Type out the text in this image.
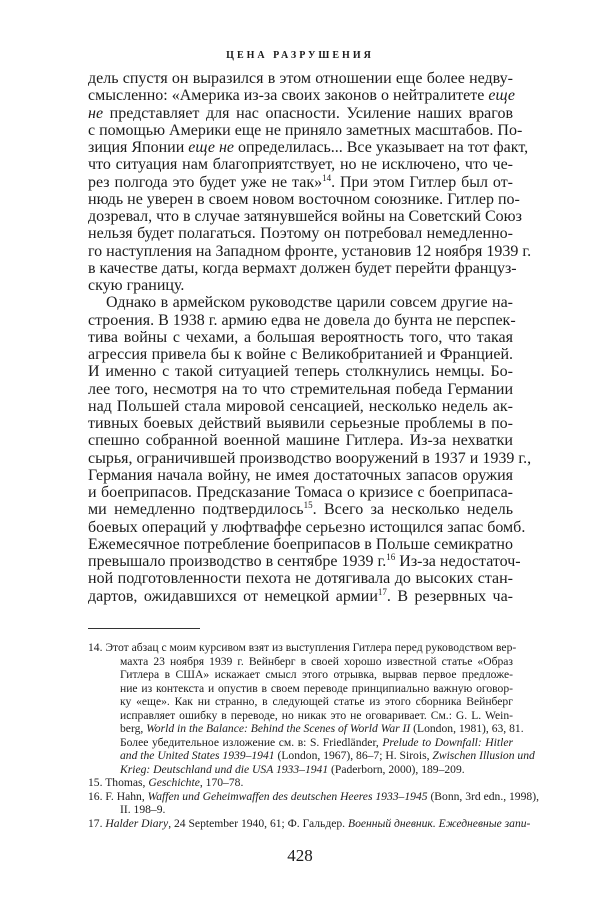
ЦЕНА РАЗРУШЕНИЯ
дель спустя он выразился в этом отношении еще более недву-
смысленно: «Америка из-за своих законов о нейтралитете еще
не представляет для нас опасности. Усиление наших врагов
с помощью Америки еще не приняло заметных масштабов. По-
зиция Японии еще не определилась... Все указывает на тот факт,
что ситуация нам благоприятствует, но не исключено, что че-
рез полгода это будет уже не так»$^{14}$. При этом Гитлер был от-
нюдь не уверен в своем новом восточном союзнике. Гитлер по-
дозревал, что в случае затянувшейся войны на Советский Союз
нельзя будет полагаться. Поэтому он потребовал немедленно-
го наступления на Западном фронте, установив 12 ноября 1939 г.
в качестве даты, когда вермахт должен будет перейти француз-
скую границу.
Однако в армейском руководстве царили совсем другие на-
строения. В 1938 г. армию едва не довела до бунта не перспек-
тива войны с чехами, а большая вероятность того, что такая
агрессия привела бы к войне с Великобританией и Францией.
И именно с такой ситуацией теперь столкнулись немцы. Бо-
лее того, несмотря на то что стремительная победа Германии
над Польшей стала мировой сенсацией, несколько недель ак-
тивных боевых действий выявили серьезные проблемы в по-
спешно собранной военной машине Гитлера. Из-за нехватки
сырья, ограничившей производство вооружений в 1937 и 1939 г.,
Германия начала войну, не имея достаточных запасов оружия
и боеприпасов. Предсказание Томаса о кризисе с боеприпаса-
ми немедленно подтвердилось$^{15}$. Всего за несколько недель
боевых операций у люфтваффе серьезно истощился запас бомб.
Ежемесячное потребление боеприпасов в Польше семикратно
превышало производство в сентябре 1939 г.$^{16}$ Из-за недостаточ-
ной подготовленности пехота не дотягивала до высоких стан-
дартов, ожидавшихся от немецкой армии$^{17}$. В резервных ча-
14. Этот абзац с моим курсивом взят из выступления Гитлера перед руководством вер-
махта 23 ноября 1939 г. Вейнберг в своей хорошо известной статье «Образ
Гитлера в США» искажает смысл этого отрывка, вырвав первое предложе-
ние из контекста и опустив в своем переводе принципиально важную оговор-
ку «еще». Как ни странно, в следующей статье из этого сборника Вейнберг
исправляет ошибку в переводе, но никак это не оговаривает. См.: G. L. Wein-
berg, World in the Balance: Behind the Scenes of World War II (London, 1981), 63, 81.
Более убедительное изложение см. в: S. Friedländer, Prelude to Downfall: Hitler
and the United States 1939–1941 (London, 1967), 86–7; H. Sirois, Zwischen Illusion und
Krieg: Deutschland und die USA 1933–1941 (Paderborn, 2000), 189–209.
15. Thomas, Geschichte, 170–78.
16. F. Hahn, Waffen und Geheimwaffen des deutschen Heeres 1933–1945 (Bonn, 3rd edn., 1998),
II. 198–9.
17. Halder Diary, 24 September 1940, 61; Ф. Гальдер. Военный дневник. Ежедневные запи-
428
